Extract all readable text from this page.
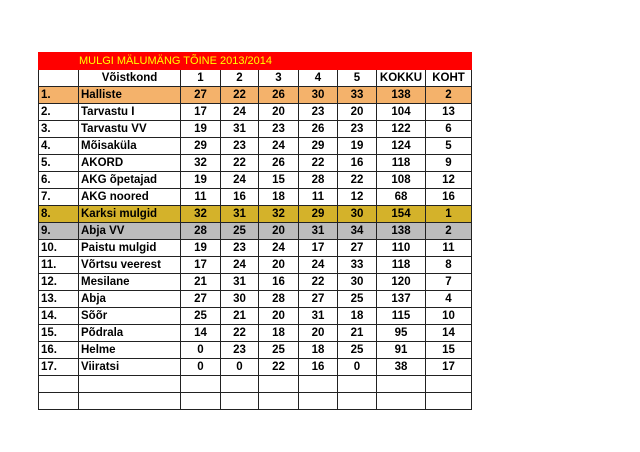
MULGI MÄLUMÄNG TÕINE 2013/2014								
	Võistkond	1	2	3	4	5	KOKKU	KOHT
1.	Halliste	27	22	26	30	33	138	2
2.	Tarvastu I	17	24	20	23	20	104	13
3.	Tarvastu VV	19	31	23	26	23	122	6
4.	Mõisaküla	29	23	24	29	19	124	5
5.	AKORD	32	22	26	22	16	118	9
6.	AKG õpetajad	19	24	15	28	22	108	12
7.	AKG noored	11	16	18	11	12	68	16
8.	Karksi mulgid	32	31	32	29	30	154	1
9.	Abja VV	28	25	20	31	34	138	2
10.	Paistu mulgid	19	23	24	17	27	110	11
11.	Võrtsu veerest	17	24	20	24	33	118	8
12.	Mesilane	21	31	16	22	30	120	7
13.	Abja	27	30	28	27	25	137	4
14.	Sõõr	25	21	20	31	18	115	10
15.	Põdrala	14	22	18	20	21	95	14
16.	Helme	0	23	25	18	25	91	15
17.	Viiratsi	0	0	22	16	0	38	17
